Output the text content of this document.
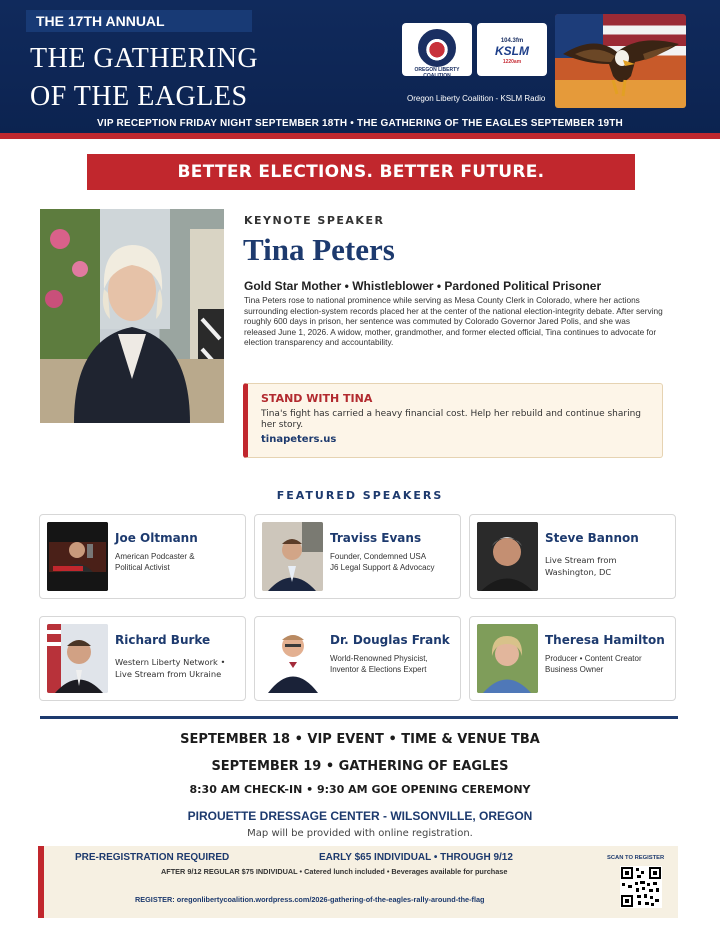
THE 17TH ANNUAL
THE GATHERING
OF THE EAGLES
OREGON LIBERTY COALITION
104.3fm
KSLM
1220am
Oregon Liberty Coalition - KSLM Radio
VIP RECEPTION FRIDAY NIGHT SEPTEMBER 18TH • THE GATHERING OF THE EAGLES SEPTEMBER 19TH
BETTER ELECTIONS. BETTER FUTURE.
KEYNOTE SPEAKER
Tina Peters
Gold Star Mother • Whistleblower • Pardoned Political Prisoner
Tina Peters rose to national prominence while serving as Mesa County Clerk in Colorado, where her actions surrounding election-system records placed her at the center of the national election-integrity debate. After serving roughly 600 days in prison, her sentence was commuted by Colorado Governor Jared Polis, and she was released June 1, 2026. A widow, mother, grandmother, and former elected official, Tina continues to advocate for election transparency and accountability.
STAND WITH TINA
Tina's fight has carried a heavy financial cost. Help her rebuild and continue sharing her story.
tinapeters.us
FEATURED SPEAKERS
Joe Oltmann
American Podcaster &
Political Activist
Traviss Evans
Founder, Condemned USA
J6 Legal Support & Advocacy
Steve Bannon
Live Stream from
Washington, DC
Richard Burke
Western Liberty Network •
Live Stream from Ukraine
Dr. Douglas Frank
World-Renowned Physicist,
Inventor & Elections Expert
Theresa Hamilton
Producer • Content Creator
Business Owner
SEPTEMBER 18 • VIP EVENT • TIME & VENUE TBA
SEPTEMBER 19 • GATHERING OF EAGLES
8:30 AM CHECK-IN • 9:30 AM GOE OPENING CEREMONY
PIROUETTE DRESSAGE CENTER - WILSONVILLE, OREGON
Map will be provided with online registration.
PRE-REGISTRATION REQUIRED	EARLY $65 INDIVIDUAL • THROUGH 9/12
AFTER 9/12 REGULAR $75 INDIVIDUAL • Catered lunch included • Beverages available for purchase
REGISTER: oregonlibertycoalition.wordpress.com/2026-gathering-of-the-eagles-rally-around-the-flag
SCAN TO REGISTER
